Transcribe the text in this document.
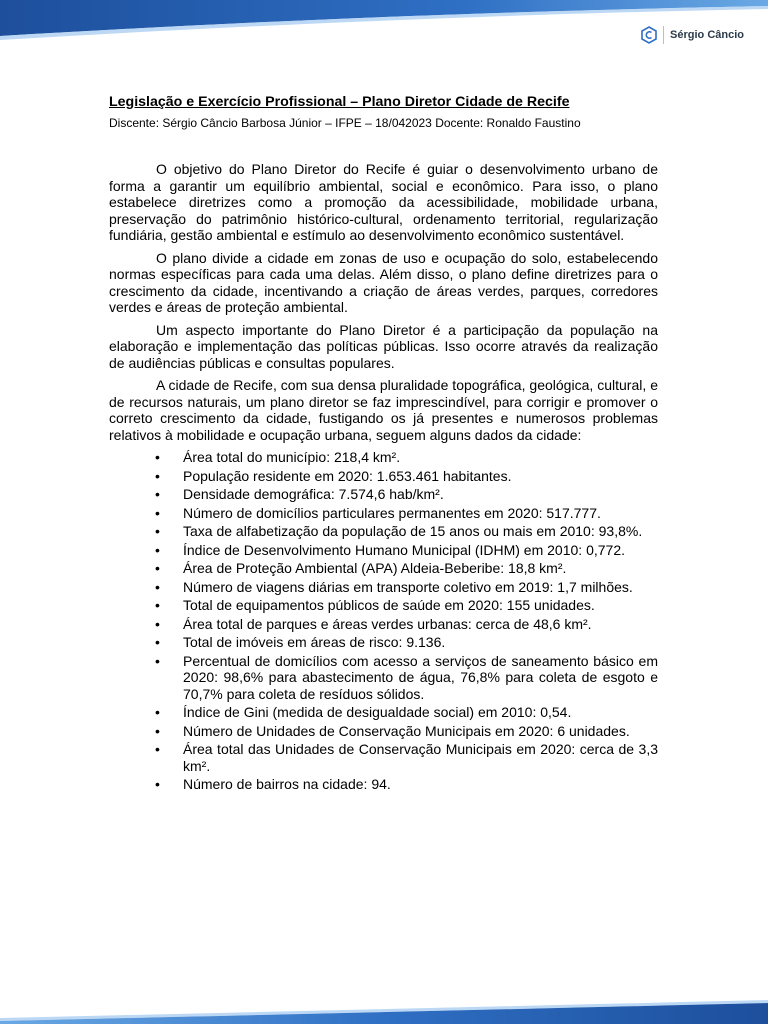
Sérgio Câncio
Legislação e Exercício Profissional – Plano Diretor Cidade de Recife

Discente: Sérgio Câncio Barbosa Júnior – IFPE – 18/042023 Docente: Ronaldo Faustino

O objetivo do Plano Diretor do Recife é guiar o desenvolvimento urbano de forma a garantir um equilíbrio ambiental, social e econômico. Para isso, o plano estabelece diretrizes como a promoção da acessibilidade, mobilidade urbana, preservação do patrimônio histórico-cultural, ordenamento territorial, regularização fundiária, gestão ambiental e estímulo ao desenvolvimento econômico sustentável.

O plano divide a cidade em zonas de uso e ocupação do solo, estabelecendo normas específicas para cada uma delas. Além disso, o plano define diretrizes para o crescimento da cidade, incentivando a criação de áreas verdes, parques, corredores verdes e áreas de proteção ambiental.

Um aspecto importante do Plano Diretor é a participação da população na elaboração e implementação das políticas públicas. Isso ocorre através da realização de audiências públicas e consultas populares.

A cidade de Recife, com sua densa pluralidade topográfica, geológica, cultural, e de recursos naturais, um plano diretor se faz imprescindível, para corrigir e promover o correto crescimento da cidade, fustigando os já presentes e numerosos problemas relativos à mobilidade e ocupação urbana, seguem alguns dados da cidade:

• Área total do município: 218,4 km².
• População residente em 2020: 1.653.461 habitantes.
• Densidade demográfica: 7.574,6 hab/km².
• Número de domicílios particulares permanentes em 2020: 517.777.
• Taxa de alfabetização da população de 15 anos ou mais em 2010: 93,8%.
• Índice de Desenvolvimento Humano Municipal (IDHM) em 2010: 0,772.
• Área de Proteção Ambiental (APA) Aldeia-Beberibe: 18,8 km².
• Número de viagens diárias em transporte coletivo em 2019: 1,7 milhões.
• Total de equipamentos públicos de saúde em 2020: 155 unidades.
• Área total de parques e áreas verdes urbanas: cerca de 48,6 km².
• Total de imóveis em áreas de risco: 9.136.
• Percentual de domicílios com acesso a serviços de saneamento básico em 2020: 98,6% para abastecimento de água, 76,8% para coleta de esgoto e 70,7% para coleta de resíduos sólidos.
• Índice de Gini (medida de desigualdade social) em 2010: 0,54.
• Número de Unidades de Conservação Municipais em 2020: 6 unidades.
• Área total das Unidades de Conservação Municipais em 2020: cerca de 3,3 km².
• Número de bairros na cidade: 94.
